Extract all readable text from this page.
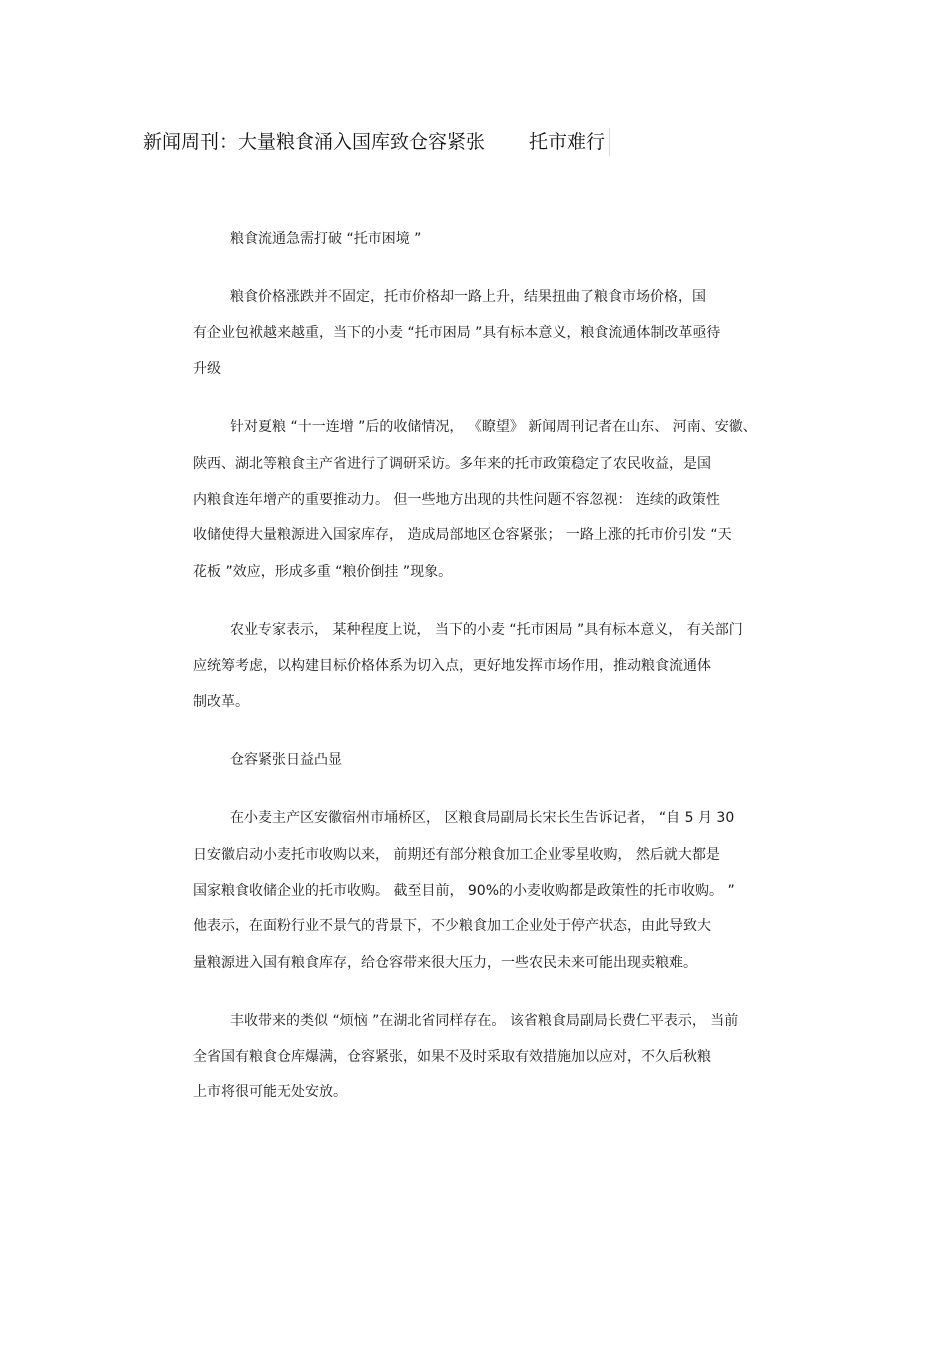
新闻周刊：大量粮食涌入国库致仓容紧张 托市难行
粮食流通急需打破 “托市困境 ”
粮食价格涨跌并不固定，托市价格却一路上升，结果扭曲了粮食市场价格，国
有企业包袱越来越重，当下的小麦 “托市困局 ”具有标本意义，粮食流通体制改革亟待
升级
针对夏粮 “十一连增 ”后的收储情况， 《瞭望》 新闻周刊记者在山东、 河南、安徽、
陕西、湖北等粮食主产省进行了调研采访。多年来的托市政策稳定了农民收益，是国
内粮食连年增产的重要推动力。 但一些地方出现的共性问题不容忽视： 连续的政策性
收储使得大量粮源进入国家库存， 造成局部地区仓容紧张； 一路上涨的托市价引发 “天
花板 ”效应，形成多重 “粮价倒挂 ”现象。
农业专家表示， 某种程度上说， 当下的小麦 “托市困局 ”具有标本意义， 有关部门
应统筹考虑，以构建目标价格体系为切入点，更好地发挥市场作用，推动粮食流通体
制改革。
仓容紧张日益凸显
在小麦主产区安徽宿州市埇桥区， 区粮食局副局长宋长生告诉记者， “自 5 月 30
日安徽启动小麦托市收购以来， 前期还有部分粮食加工企业零星收购， 然后就大都是
国家粮食收储企业的托市收购。 截至目前， 90%的小麦收购都是政策性的托市收购。 ”
他表示，在面粉行业不景气的背景下，不少粮食加工企业处于停产状态，由此导致大
量粮源进入国有粮食库存，给仓容带来很大压力，一些农民未来可能出现卖粮难。
丰收带来的类似 “烦恼 ”在湖北省同样存在。 该省粮食局副局长费仁平表示， 当前
全省国有粮食仓库爆满，仓容紧张，如果不及时采取有效措施加以应对，不久后秋粮
上市将很可能无处安放。
